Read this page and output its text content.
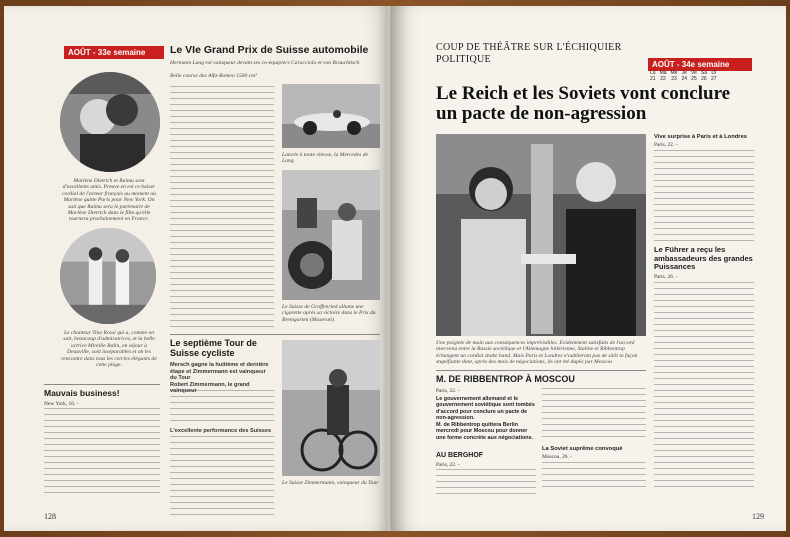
AOÛT - 33e semaine	Le VIe Grand Prix de Suisse automobile
Hermann Lang est vainqueur devant ses co-équipiers Caracciola et von Brauchitsch
Belle course des Alfa-Romeo 1500 cm³
Marlène Dietrich et Raimu sont d'excellents amis. Preuve en est ce baiser cordial de l'acteur français au moment où Marlène quitte Paris pour New York. On sait que Raimu sera le partenaire de Marlène Dietrich dans le film qu'elle tournera prochainement en France.
Le chanteur Tino Rossi qui a, comme on sait, beaucoup d'admiratrices, et la belle actrice Mireille Balin, en séjour à Deauville, sont inséparables et on les rencontre dans tous les cercles élégants de cette plage.
Lancée à toute vitesse, la Mercedes de Lang.
Le Suisse de Graffenried allume une cigarette après sa victoire dans le Prix du Bremgarten (Maserati).
Le septième Tour de Suisse cycliste
Mersch gagne la huitième et dernière étape et Zimmermann est vainqueur du Tour
Robert Zimmermann, le grand vainqueur
L'excellente performance des Suisses
Le Suisse Zimmermann, vainqueur du Tour
Mauvais business!
New York, 16. -
128
COUP DE THÉÂTRE SUR L'ÉCHIQUIER POLITIQUE	AOÛT - 34e semaine
Lu	Ma	Me	Je	Ve	Sa	Di
21	22	23	24	25	26	27
Le Reich et les Soviets vont conclure un pacte de non-agression
Une poignée de main aux conséquences imprévisibles. Evidemment satisfaits de l'accord intervenu entre la Russie soviétique et l'Allemagne hitlérienne, Staline et Ribbentrop échangent un cordial shake hand. Mais Paris et Londres n'oublieront pas de sitôt la façon stupéfiante dont, après des mois de négociations, ils ont été dupés par Moscou
Vive surprise à Paris et à Londres
Paris, 22. -
Le Führer a reçu les ambassadeurs des grandes Puissances
Paris, 26. -
M. DE RIBBENTROP À MOSCOU
Paris, 22. -
Le gouvernement allemand et le gouvernement soviétique sont tombés d'accord pour conclure un pacte de non-agression.
M. de Ribbentrop quittera Berlin mercredi pour Moscou pour donner une forme concrète aux négociations.
AU BERGHOF
Paris, 22. -
La Soviet suprême convoqué
Moscou, 26. -
129
